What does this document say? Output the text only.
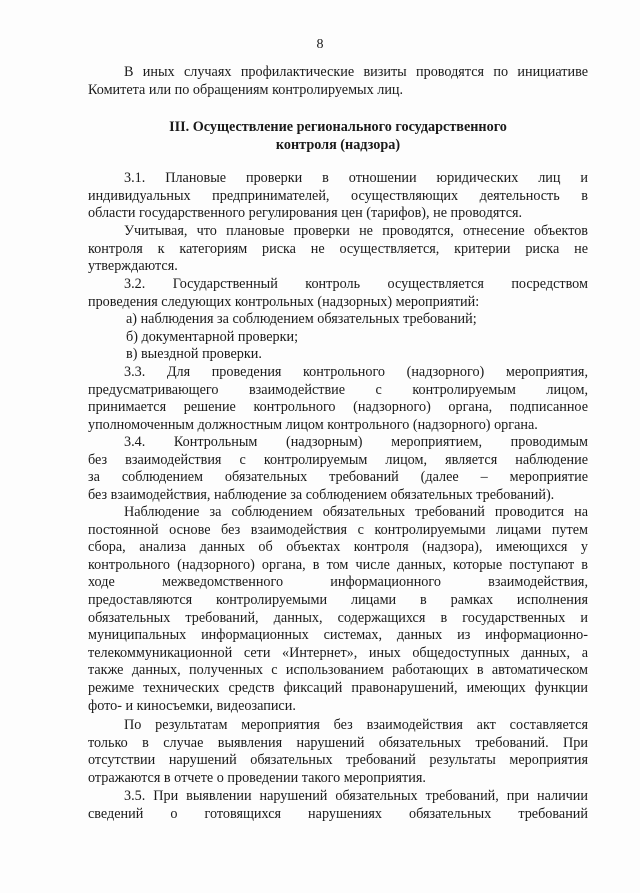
8
В иных случаях профилактические визиты проводятся по инициативе
Комитета или по обращениям контролируемых лиц.
III. Осуществление регионального государственного
контроля (надзора)
3.1. Плановые проверки в отношении юридических лиц и
индивидуальных предпринимателей, осуществляющих деятельность в
области государственного регулирования цен (тарифов), не проводятся.
Учитывая, что плановые проверки не проводятся, отнесение объектов
контроля к категориям риска не осуществляется, критерии риска не
утверждаются.
3.2. Государственный контроль осуществляется посредством
проведения следующих контрольных (надзорных) мероприятий:
а) наблюдения за соблюдением обязательных требований;
б) документарной проверки;
в) выездной проверки.
3.3. Для проведения контрольного (надзорного) мероприятия,
предусматривающего взаимодействие с контролируемым лицом,
принимается решение контрольного (надзорного) органа, подписанное
уполномоченным должностным лицом контрольного (надзорного) органа.
3.4. Контрольным (надзорным) мероприятием, проводимым
без взаимодействия с контролируемым лицом, является наблюдение
за соблюдением обязательных требований (далее – мероприятие
без взаимодействия, наблюдение за соблюдением обязательных требований).
Наблюдение за соблюдением обязательных требований проводится на
постоянной основе без взаимодействия с контролируемыми лицами путем
сбора, анализа данных об объектах контроля (надзора), имеющихся у
контрольного (надзорного) органа, в том числе данных, которые поступают в
ходе межведомственного информационного взаимодействия,
предоставляются контролируемыми лицами в рамках исполнения
обязательных требований, данных, содержащихся в государственных и
муниципальных информационных системах, данных из информационно-
телекоммуникационной сети «Интернет», иных общедоступных данных, а
также данных, полученных с использованием работающих в автоматическом
режиме технических средств фиксаций правонарушений, имеющих функции
фото- и киносъемки, видеозаписи.
По результатам мероприятия без взаимодействия акт составляется
только в случае выявления нарушений обязательных требований. При
отсутствии нарушений обязательных требований результаты мероприятия
отражаются в отчете о проведении такого мероприятия.
3.5. При выявлении нарушений обязательных требований, при наличии
сведений о готовящихся нарушениях обязательных требований
